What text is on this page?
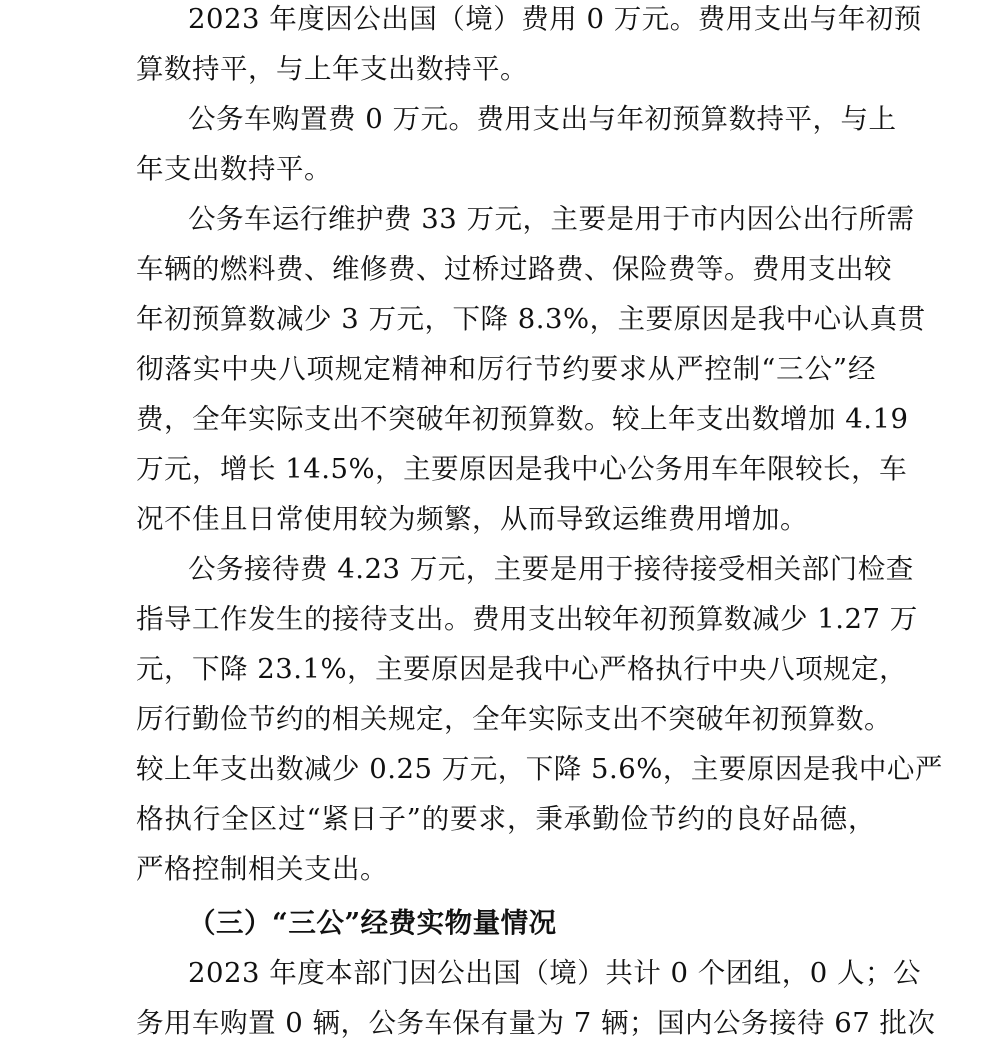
2023 年度因公出国（境）费用 0 万元。费用支出与年初预
算数持平，与上年支出数持平。
公务车购置费 0 万元。费用支出与年初预算数持平，与上
年支出数持平。
公务车运行维护费 33 万元，主要是用于市内因公出行所需
车辆的燃料费、维修费、过桥过路费、保险费等。费用支出较
年初预算数减少 3 万元，下降 8.3%，主要原因是我中心认真贯
彻落实中央八项规定精神和厉行节约要求从严控制“三公”经
费，全年实际支出不突破年初预算数。较上年支出数增加 4.19
万元，增长 14.5%，主要原因是我中心公务用车年限较长，车
况不佳且日常使用较为频繁，从而导致运维费用增加。
公务接待费 4.23 万元，主要是用于接待接受相关部门检查
指导工作发生的接待支出。费用支出较年初预算数减少 1.27 万
元，下降 23.1%，主要原因是我中心严格执行中央八项规定，
厉行勤俭节约的相关规定，全年实际支出不突破年初预算数。
较上年支出数减少 0.25 万元，下降 5.6%，主要原因是我中心严
格执行全区过“紧日子”的要求，秉承勤俭节约的良好品德，
严格控制相关支出。
（三）“三公”经费实物量情况
2023 年度本部门因公出国（境）共计 0 个团组，0 人；公
务用车购置 0 辆，公务车保有量为 7 辆；国内公务接待 67 批次
